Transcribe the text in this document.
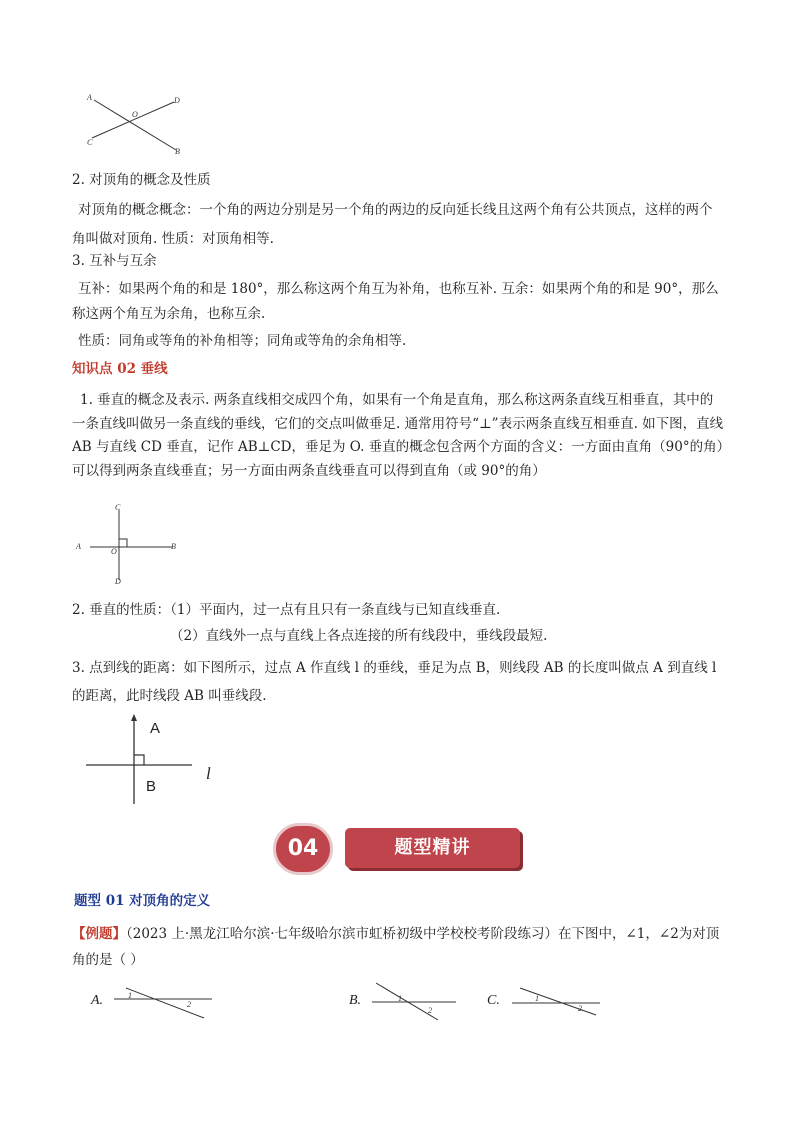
A	D
O
C
B
2. 对顶角的概念及性质
对顶角的概念概念：一个角的两边分别是另一个角的两边的反向延长线且这两个角有公共顶点，这样的两个角叫做对顶角. 性质：对顶角相等.
3. 互补与互余
互补：如果两个角的和是 180°，那么称这两个角互为补角，也称互补. 互余：如果两个角的和是 90°，那么称这两个角互为余角，也称互余.
性质：同角或等角的补角相等；同角或等角的余角相等.
知识点 02 垂线
1. 垂直的概念及表示. 两条直线相交成四个角，如果有一个角是直角，那么称这两条直线互相垂直，其中的一条直线叫做另一条直线的垂线，它们的交点叫做垂足. 通常用符号“⊥”表示两条直线互相垂直. 如下图，直线 AB 与直线 CD 垂直，记作 AB⊥CD，垂足为 O. 垂直的概念包含两个方面的含义：一方面由直角（90°的角）可以得到两条直线垂直；另一方面由两条直线垂直可以得到直角（或 90°的角）
C
A
O
B
D
2. 垂直的性质：（1）平面内，过一点有且只有一条直线与已知直线垂直.
（2）直线外一点与直线上各点连接的所有线段中，垂线段最短.
3. 点到线的距离：如下图所示，过点 A 作直线 l 的垂线，垂足为点 B，则线段 AB 的长度叫做点 A 到直线 l 的距离，此时线段 AB 叫垂线段.
A
B
l
04	题型精讲
题型 01 对顶角的定义
【例题】（2023 上·黑龙江哈尔滨·七年级哈尔滨市虹桥初级中学校校考阶段练习）在下图中，∠1，∠2为对顶角的是（ ）
A.	1
2	B.	1
2
C.	1
2
